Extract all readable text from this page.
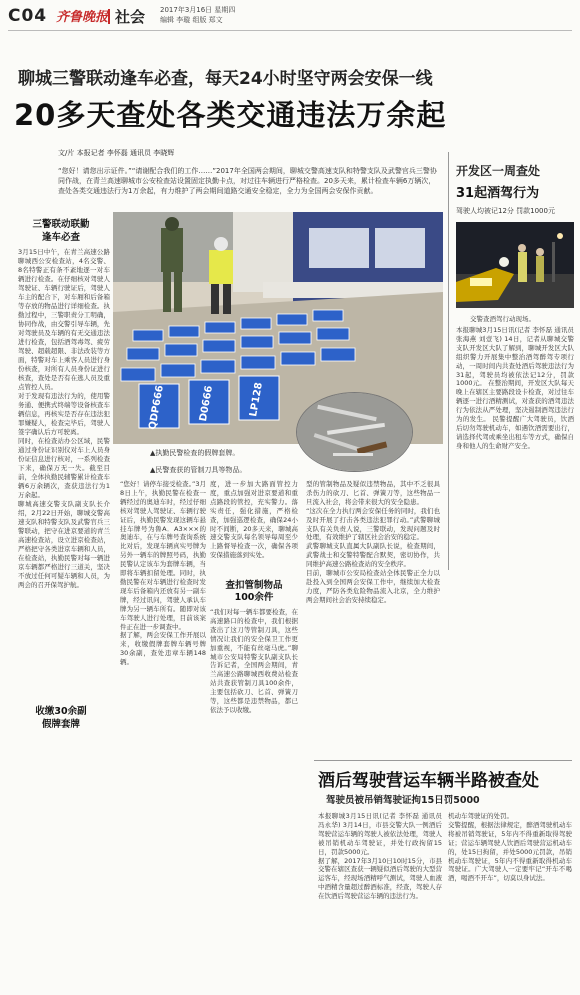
C04 齐鲁晚报 社会 2017年3月16日 星期四
编辑 李璇 组版 郑文
聊城三警联动逢车必查，每天24小时坚守两会安保一线
20多天查处各类交通违法万余起
文/片 本报记者 李怀磊 通讯员 李晓辉
“您好！请您出示证件。”“请谢配合我们的工作……”2017年全国两会期间，聊城交警高速支队和特警支队及武警官兵三警协同作战，在青兰高速聊城市公安检查站设置固定执勤卡点，对过往车辆进行严格检查。20多天来，累计检查车辆6万辆次，查处各类交通违法行为1万余起，有力维护了两会期间道路交通安全稳定，全力为全国两会安保作贡献。
开发区一周查处
31起酒驾行为
驾驶人均被记12分 罚款1000元
交警查酒驾行动现场。
本报聊城3月15日讯(记者 李怀磊 通讯员 张海燕 刘壹飞) 14日，记者从聊城交警支队开发区大队了解到，聊城开发区大队组织警力开展集中整治酒驾醉驾专项行动，一周时间内共查处酒后驾驶违法行为31起，驾驶员均被依法记12分，罚款1000元。 在整治期间，开发区大队每天晚上在辖区主要路段设卡检查，对过往车辆逐一进行酒精测试，对查获的酒驾违法行为依法从严处理，坚决遏制酒驾违法行为的发生。 民警提醒广大驾驶员，饮酒后切勿驾驶机动车，如遇饮酒需要出行，请选择代驾或乘坐出租车等方式，确保自身和他人的生命财产安全。
三警联动联勤
逢车必查
3月15日中午，在青兰高速公路聊城西公安检查站，4名交警、8名特警正有条不紊地逐一对车辆进行检查。在仔细核对驾驶人驾驶证、车辆行驶证后，驾驶人车主的配合下，对车厢和后备箱等存放的物品进行详细检查。执勤过程中，三警职责分工明确，协同作战，由交警引导车辆，先对驾驶员及车辆的有无交通违法进行检查，包括酒驾毒驾、疲劳驾驶、超载超限、非法改装等方面，特警对车上乘客人员进行身份核查，对所有人员身份证进行核查，查处是否有在逃人员及重点管控人员。
对于发现有违法行为的，使用警务通、便携式终端等设备核查车辆信息，再核实是否存在违法犯罪嫌疑人，检查完毕后，驾驶人签字确认后方可驶离。
同时，在检查站办公区域，民警通过身份证识别仪对车上人员身份证信息进行核对，一系列检查下来，确保万无一失。截至目前，全体执勤民辅警累计检查车辆6万余辆次，查获违法行为1万余起。
聊城高速交警支队副支队长介绍，2月22日开始，聊城交警高速支队和特警支队及武警官兵三警联动，把守在进京要道的青兰高速检查站，设立进京检查站，严格把守各类进京车辆和人员，在检查站，执勤民警对每一辆进京车辆都严格进行三道关，坚决不放过任何可疑车辆和人员，为两会的召开保驾护航。
收缴30余副
假牌套牌
QDP666	D0666	LP128
▲执勤民警检查的假牌套牌。
▲民警查获的管制刀具等物品。
“您好！请停车接受检查。”3月8日上午，执勤民警在检查一辆经过的奥迪车时，经过仔细核对驾驶人驾驶证、车辆行驶证后，执勤民警发现这辆车悬挂车牌号为鲁A．A3×××的奥迪车，在与车牌号查询系统比对后，发现车辆真实号牌为另外一辆车的牌照号码，执勤民警认定该车为套牌车辆，当即将车辆扣留处理。同时，执勤民警在对车辆进行检查时发现车后备箱内还放有另一副车牌，经过讯问，驾驶人承认车牌为另一辆车所有。随即对该车驾驶人进行处理，目前该案件正在进一步调查中。
据了解，两会安保工作开展以来，收缴假牌套牌车辆号牌30余副，查处违章车辆148辆。
度，进一步加大路面管控力度，重点加强对进京要道和重点路段的管控，充实警力。落实责任，强化措施，严格检查，加强巡逻检查，确保24小时不间断，20多天来，聊城高速交警支队每名领导每周至少上路督导检查一次，确保各项安保措施落到实处。
查扣管制物品
100余件
“我们对每一辆车都要检查，在高速路口的检查中，我们根据查出了这刀等管制刀具，这些情况让我们的安全保卫工作更加重视，不能有丝毫马虎。”聊城市公安局特警支队副支队长告诉记者，全国两会期间，青兰高速公路聊城西收费站检查站共查获管制刀具100余件，主要包括砍刀、匕首、弹簧刀等，这些都是违禁物品，都已依法予以收缴。
型的管制物品及疑似违禁物品，其中不乏很具杀伤力的砍刀、匕首、弹簧刀等，这些物品一旦流入社会，将会带来很大的安全隐患。
“这次在全力执行两会安保任务的同时，我们也及时开展了打击各类违法犯罪行动。”武警聊城支队有关负责人说，三警联动，发现问题及时处理，有效维护了辖区社会治安的稳定。
武警聊城支队直属大队副队长说，检查期间，武警战士和交警特警配合默契，密切协作，共同维护高速公路检查站的安全秩序。
目前，聊城市公安局检查站全体民警正全力以赴投入到全国两会安保工作中，继续加大检查力度，严防各类危险物品流入北京，全力维护两会期间社会治安持续稳定。
酒后驾驶营运车辆半路被查处
驾驶员被吊销驾驶证拘15日罚5000
本报聊城3月15日讯(记者 李怀磊 通讯员 冯永华) 3月14日，市县交警大队一例酒后驾驶营运车辆的驾驶人被依法处理，驾驶人被吊销机动车驾驶证，并处行政拘留15日，罚款5000元。
据了解，2017年3月10日10时15分，市县交警在辖区查获一辆疑似酒后驾驶的大型营运客车，经现场酒精呼气测试，驾驶人血液中酒精含量超过醉酒标准，经查，驾驶人存在饮酒后驾驶营运车辆的违法行为。
机动车驾驶证的处罚。
交警提醒，根据法律规定，醉酒驾驶机动车将被吊销驾驶证，5年内不得重新取得驾驶证；营运车辆驾驶人饮酒后驾驶营运机动车的，处15日拘留，并处5000元罚款，吊销机动车驾驶证，5年内不得重新取得机动车驾驶证。广大驾驶人一定要牢记“开车不喝酒，喝酒不开车”，切莫以身试法。
